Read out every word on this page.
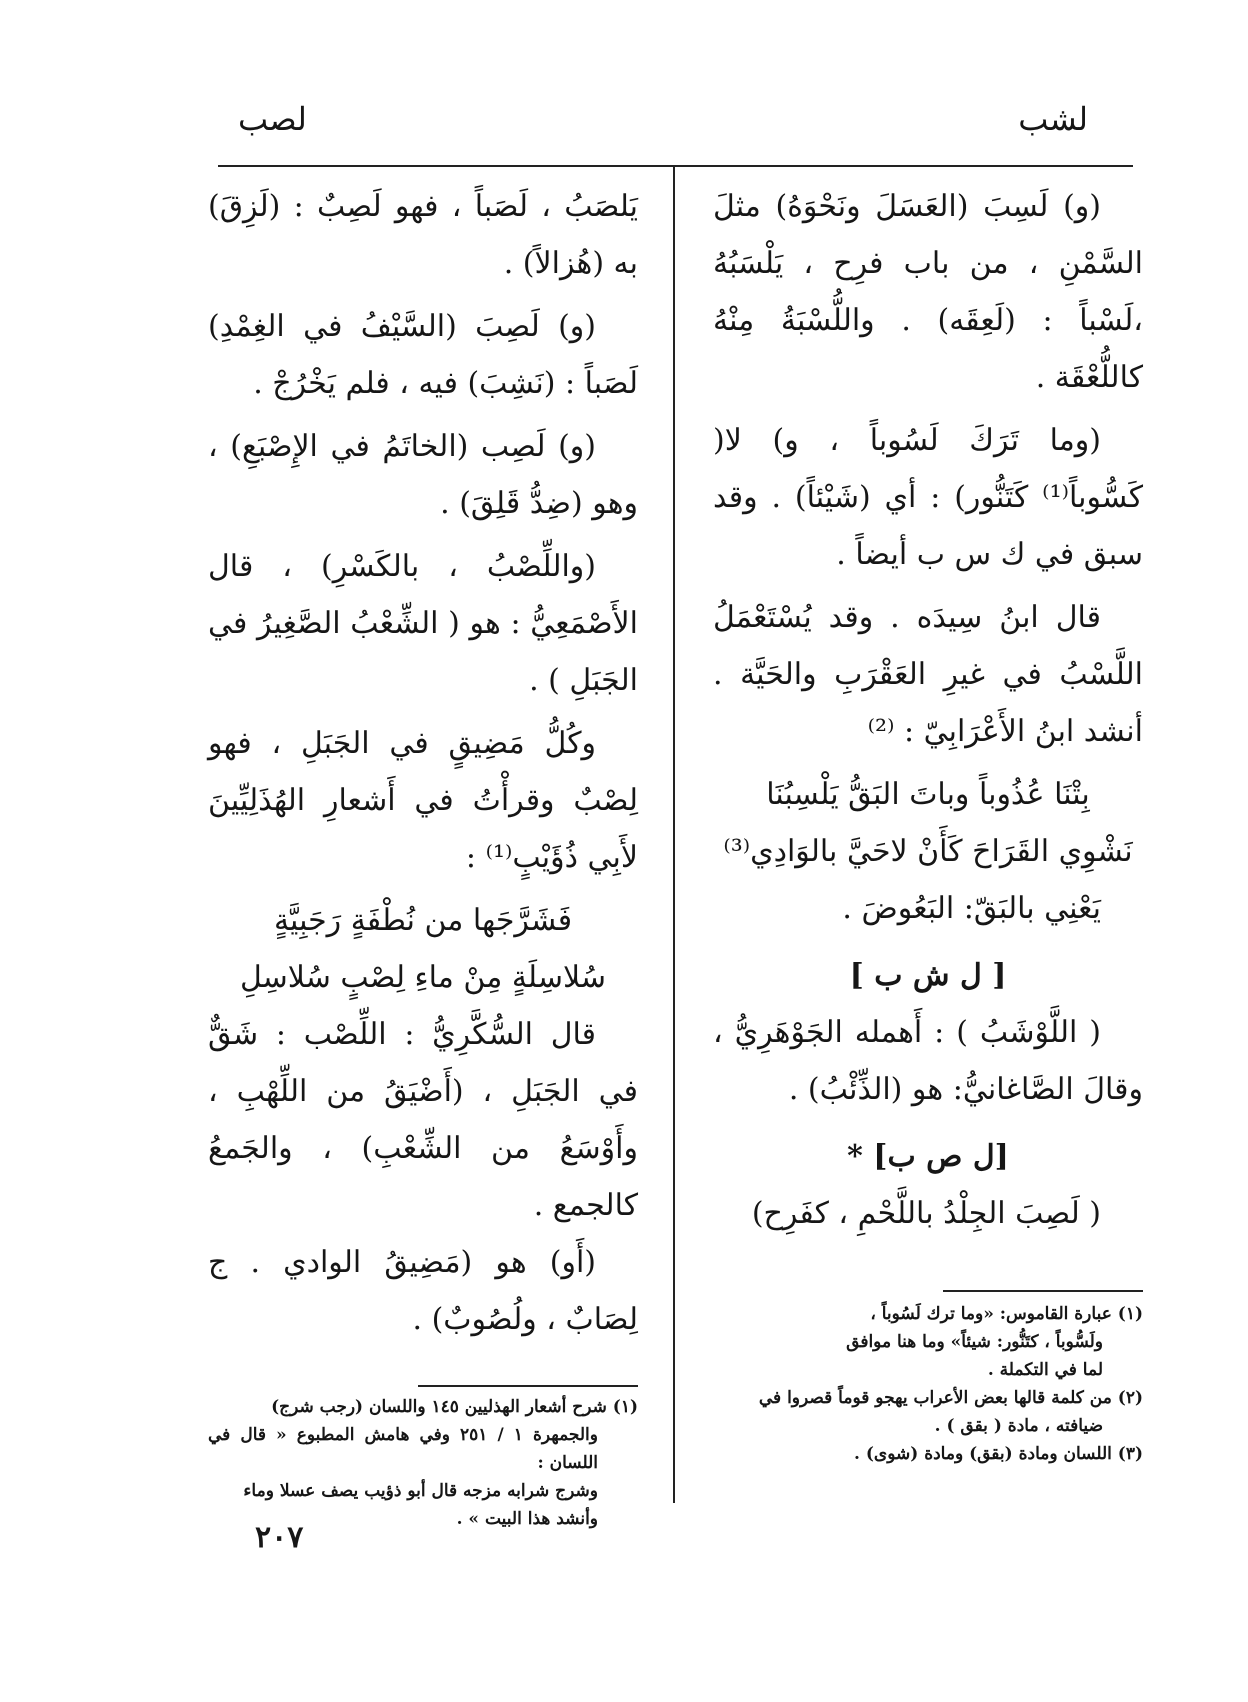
لشب
لصب

(و) لَسِبَ (العَسَلَ ونَحْوَهُ) مثلَ السَّمْنِ ، من باب فرِح ، يَلْسَبُهُ ،لَسْباً : (لَعِقَه) . واللُّسْبَةُ مِنْهُ كاللُّعْقَة .

(وما تَرَكَ لَسُوباً ، و) لا( كَسُّوباً⁽¹⁾ كَتَنُّور) : أي (شَيْئاً) . وقد سبق في ك س ب أيضاً .

قال ابنُ سِيدَه . وقد يُسْتَعْمَلُ اللَّسْبُ في غيرِ العَقْرَبِ والحَيَّة . أنشد ابنُ الأَعْرَابِيّ : ⁽²⁾

بِتْنَا عُذُوباً وباتَ البَقُّ يَلْسِبُنَا

نَشْوِي القَرَاحَ كَأَنْ لاحَيَّ بالوَادِي⁽³⁾

يَعْنِي بالبَقّ: البَعُوضَ .

[ ل ش ب ]

( اللَّوْشَبُ ) : أَهمله الجَوْهَرِيُّ ، وقالَ الصَّاغانيُّ: هو (الذِّئْبُ) .

[ل ص ب] *

( لَصِبَ الجِلْدُ باللَّحْمِ ، كفَرِح)

يَلصَبُ ، لَصَباً ، فهو لَصِبٌ : (لَزِقَ) به (هُزالاً) .

(و) لَصِبَ (السَّيْفُ في الغِمْدِ) لَصَباً : (نَشِبَ) فيه ، فلم يَخْرُجْ .

(و) لَصِب (الخاتَمُ في الإِصْبَعِ) ، وهو (ضِدُّ قَلِقَ) .

(واللِّصْبُ ، بالكَسْرِ) ، قال الأَصْمَعِيُّ : هو ( الشِّعْبُ الصَّغِيرُ في الجَبَلِ ) .

وكُلُّ مَضِيقٍ في الجَبَلِ ، فهو لِصْبٌ وقرأْتُ في أَشعارِ الهُذَلِيِّينَ لأَبِي ذُؤَيْبٍ⁽¹⁾ :

فَشَرَّجَها من نُطْفَةٍ رَجَبِيَّةٍ

سُلاسِلَةٍ مِنْ ماءِ لِصْبٍ سُلاسِلِ

قال السُّكَّرِيُّ : اللِّصْب : شَقٌّ في الجَبَلِ ، (أَضْيَقُ من اللِّهْبِ ، وأَوْسَعُ من الشِّعْبِ) ، والجَمعُ كالجمع .

(أَو) هو (مَضِيقُ الوادي . ج لِصَابٌ ، ولُصُوبٌ) .	(١) عبارة القاموس: «وما ترك لَسُوباً ،

ولَسُّوباً ، كتَنُّور: شيئاً» وما هنا موافق

لما في التكملة .

(٢) من كلمة قالها بعض الأعراب يهجو قوماً قصروا في

ضيافته ، مادة ( بقق ) .

(٣) اللسان ومادة (بقق) ومادة (شوى) .

(١) شرح أشعار الهذليين ١٤٥ واللسان (رجب شرج)

والجمهرة ١ / ٢٥١ وفي هامش المطبوع « قال في اللسان :

وشرج شرابه مزجه قال أبو ذؤيب يصف عسلا وماء

وأنشد هذا البيت » .

٢٠٧
